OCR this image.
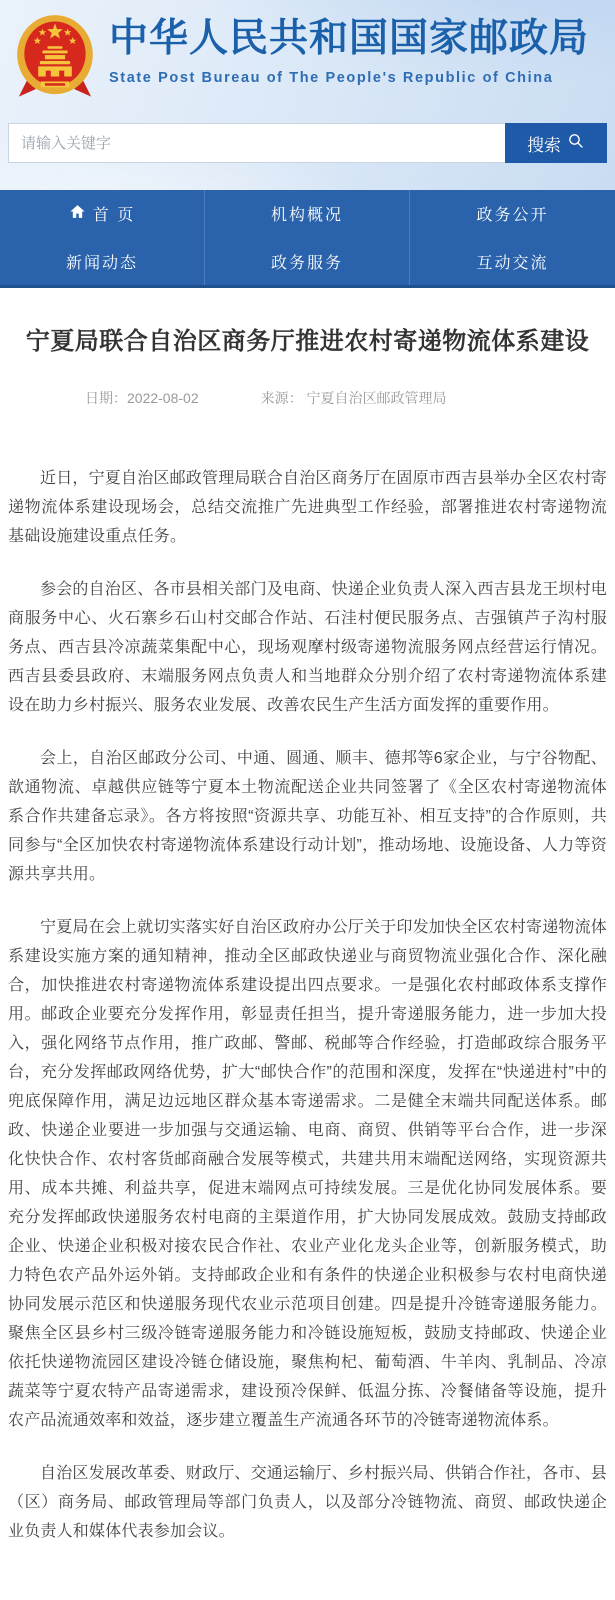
中华人民共和国国家邮政局
State Post Bureau of The People's Republic of China
请输入关键字
搜索
首 页	机构概况	政务公开
新闻动态	政务服务	互动交流
宁夏局联合自治区商务厅推进农村寄递物流体系建设
日期：2022-08-02	来源： 宁夏自治区邮政管理局

近日，宁夏自治区邮政管理局联合自治区商务厅在固原市西吉县举办全区农村寄递物流体系建设现场会，总结交流推广先进典型工作经验，部署推进农村寄递物流基础设施建设重点任务。

参会的自治区、各市县相关部门及电商、快递企业负责人深入西吉县龙王坝村电商服务中心、火石寨乡石山村交邮合作站、石洼村便民服务点、吉强镇芦子沟村服务点、西吉县冷凉蔬菜集配中心，现场观摩村级寄递物流服务网点经营运行情况。西吉县委县政府、末端服务网点负责人和当地群众分别介绍了农村寄递物流体系建设在助力乡村振兴、服务农业发展、改善农民生产生活方面发挥的重要作用。

会上，自治区邮政分公司、中通、圆通、顺丰、德邦等6家企业，与宁谷物配、歆通物流、卓越供应链等宁夏本土物流配送企业共同签署了《全区农村寄递物流体系合作共建备忘录》。各方将按照“资源共享、功能互补、相互支持”的合作原则，共同参与“全区加快农村寄递物流体系建设行动计划”，推动场地、设施设备、人力等资源共享共用。

宁夏局在会上就切实落实好自治区政府办公厅关于印发加快全区农村寄递物流体系建设实施方案的通知精神，推动全区邮政快递业与商贸物流业强化合作、深化融合，加快推进农村寄递物流体系建设提出四点要求。一是强化农村邮政体系支撑作用。邮政企业要充分发挥作用，彰显责任担当，提升寄递服务能力，进一步加大投入，强化网络节点作用，推广政邮、警邮、税邮等合作经验，打造邮政综合服务平台，充分发挥邮政网络优势，扩大“邮快合作”的范围和深度，发挥在“快递进村”中的兜底保障作用，满足边远地区群众基本寄递需求。二是健全末端共同配送体系。邮政、快递企业要进一步加强与交通运输、电商、商贸、供销等平台合作，进一步深化快快合作、农村客货邮商融合发展等模式，共建共用末端配送网络，实现资源共用、成本共摊、利益共享，促进末端网点可持续发展。三是优化协同发展体系。要充分发挥邮政快递服务农村电商的主渠道作用，扩大协同发展成效。鼓励支持邮政企业、快递企业积极对接农民合作社、农业产业化龙头企业等，创新服务模式，助力特色农产品外运外销。支持邮政企业和有条件的快递企业积极参与农村电商快递协同发展示范区和快递服务现代农业示范项目创建。四是提升冷链寄递服务能力。聚焦全区县乡村三级冷链寄递服务能力和冷链设施短板，鼓励支持邮政、快递企业依托快递物流园区建设冷链仓储设施，聚焦枸杞、葡萄酒、牛羊肉、乳制品、冷凉蔬菜等宁夏农特产品寄递需求，建设预冷保鲜、低温分拣、冷餐储备等设施，提升农产品流通效率和效益，逐步建立覆盖生产流通各环节的冷链寄递物流体系。

自治区发展改革委、财政厅、交通运输厅、乡村振兴局、供销合作社，各市、县（区）商务局、邮政管理局等部门负责人，以及部分冷链物流、商贸、邮政快递企业负责人和媒体代表参加会议。
